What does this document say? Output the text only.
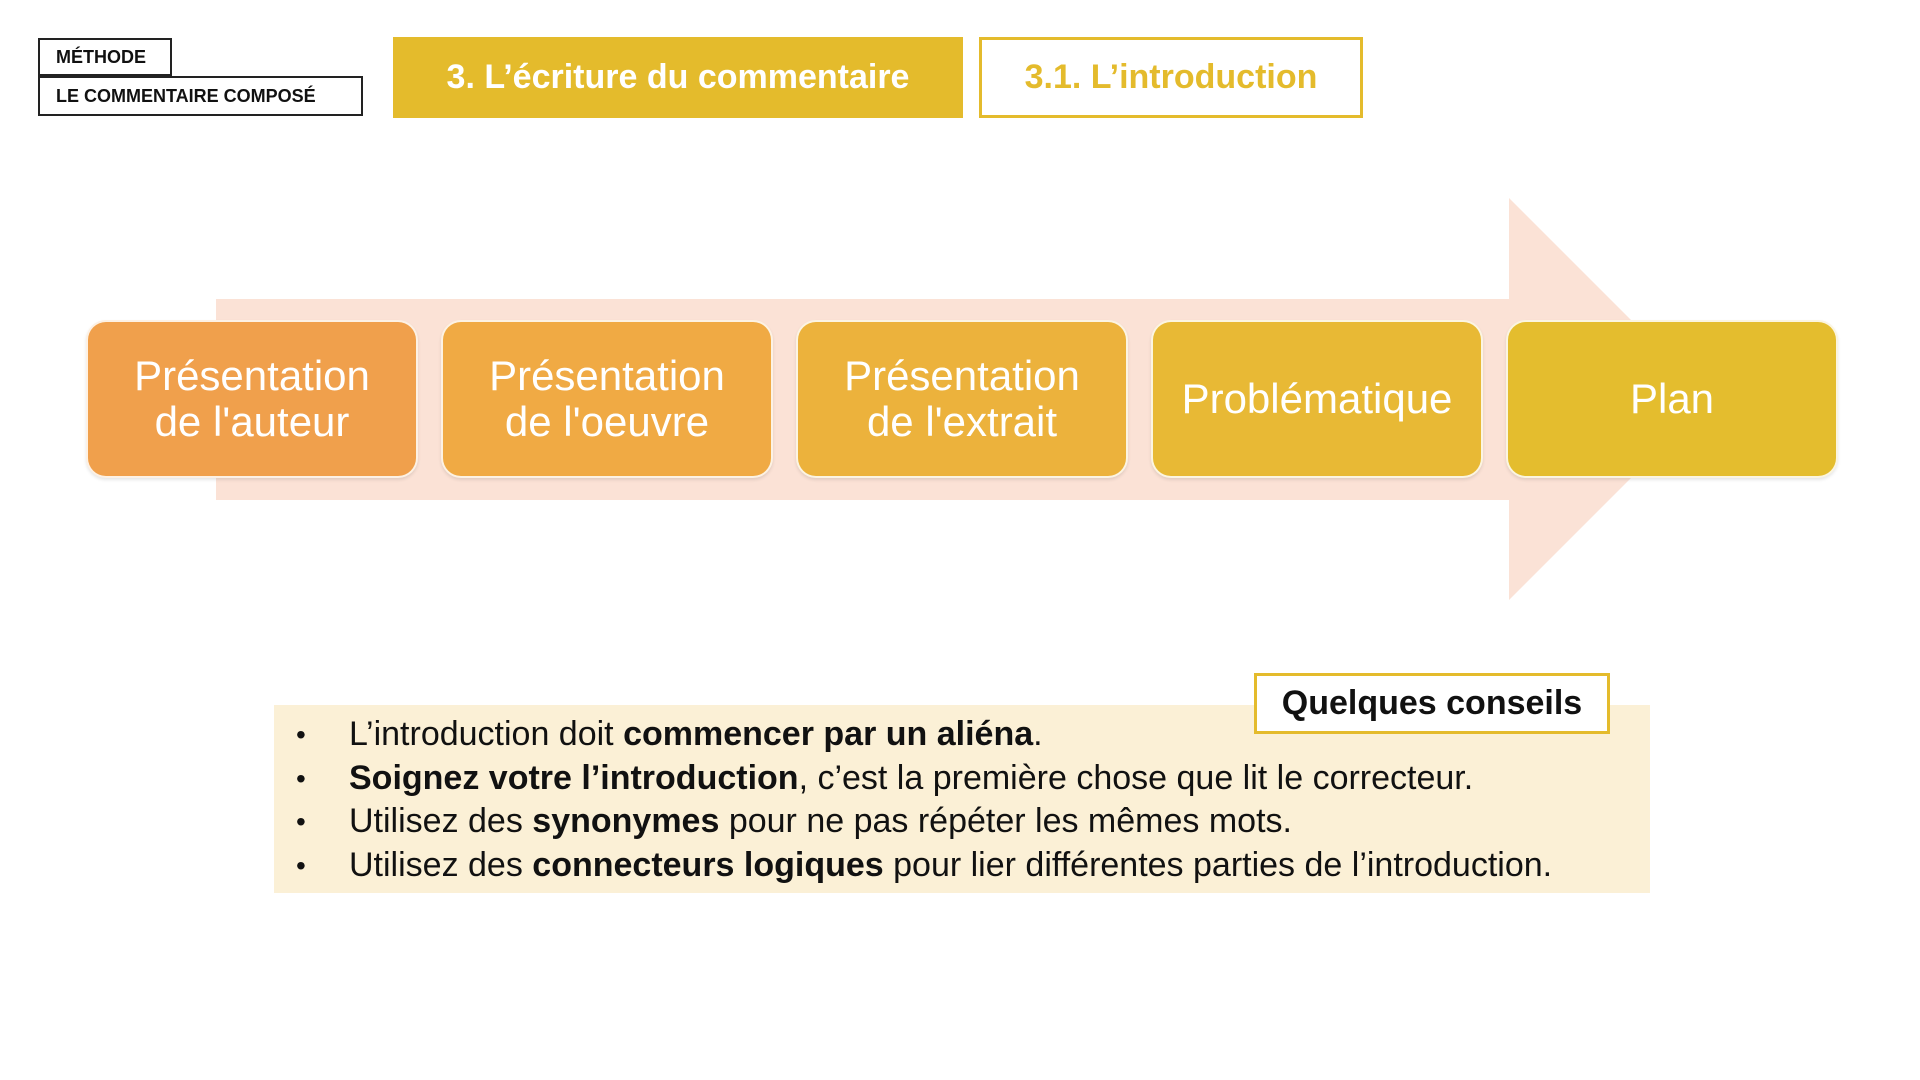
MÉTHODE
LE COMMENTAIRE COMPOSÉ	3. L’écriture du commentaire	3.1. L’introduction
Présentation
de l'auteur
Présentation
de l'oeuvre
Présentation
de l'extrait	Problématique	Plan
• L’introduction doit commencer par un aliéna.
• Soignez votre l’introduction, c’est la première chose que lit le correcteur.
• Utilisez des synonymes pour ne pas répéter les mêmes mots.
• Utilisez des connecteurs logiques pour lier différentes parties de l’introduction.
Quelques conseils
